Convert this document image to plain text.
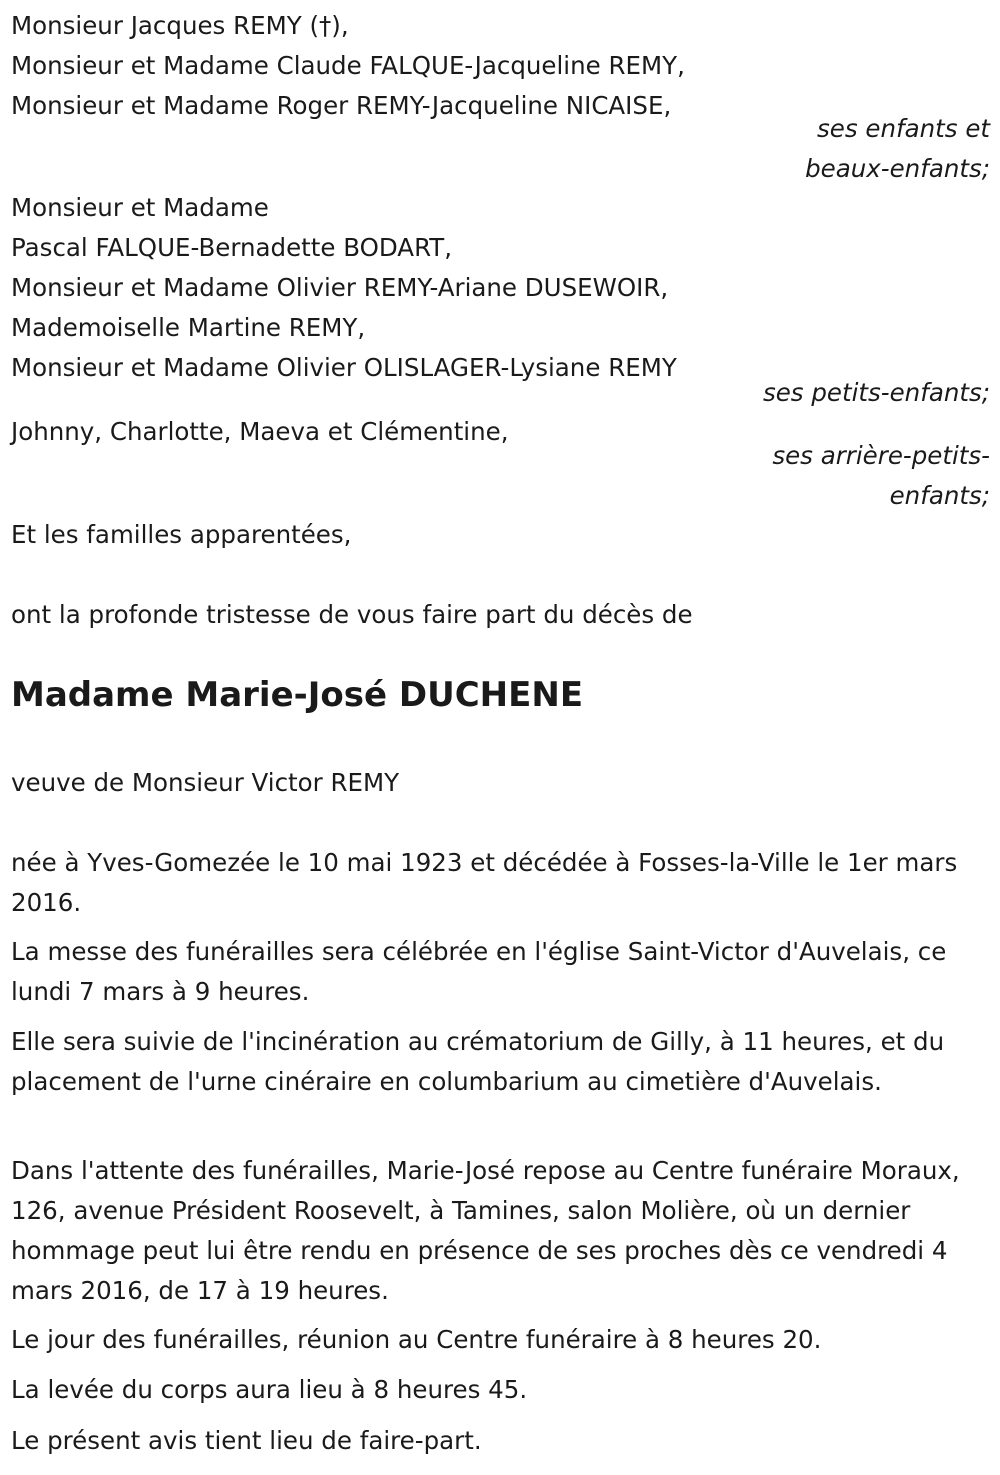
Monsieur Jacques REMY (†),
Monsieur et Madame Claude FALQUE-Jacqueline REMY,
Monsieur et Madame Roger REMY-Jacqueline NICAISE,
ses enfants et
beaux-enfants;
Monsieur et Madame
Pascal FALQUE-Bernadette BODART,
Monsieur et Madame Olivier REMY-Ariane DUSEWOIR,
Mademoiselle Martine REMY,
Monsieur et Madame Olivier OLISLAGER-Lysiane REMY
ses petits-enfants;
Johnny, Charlotte, Maeva et Clémentine,
ses arrière-petits-
enfants;
Et les familles apparentées,
ont la profonde tristesse de vous faire part du décès de
Madame Marie-José DUCHENE
veuve de Monsieur Victor REMY

née à Yves-Gomezée le 10 mai 1923 et décédée à Fosses-la-Ville le 1er mars 2016.

La messe des funérailles sera célébrée en l'église Saint-Victor d'Auvelais, ce lundi 7 mars à 9 heures.

Elle sera suivie de l'incinération au crématorium de Gilly, à 11 heures, et du placement de l'urne cinéraire en columbarium au cimetière d'Auvelais.

Dans l'attente des funérailles, Marie-José repose au Centre funéraire Moraux, 126, avenue Président Roosevelt, à Tamines, salon Molière, où un dernier hommage peut lui être rendu en présence de ses proches dès ce vendredi 4 mars 2016, de 17 à 19 heures.

Le jour des funérailles, réunion au Centre funéraire à 8 heures 20.

La levée du corps aura lieu à 8 heures 45.

Le présent avis tient lieu de faire-part.
